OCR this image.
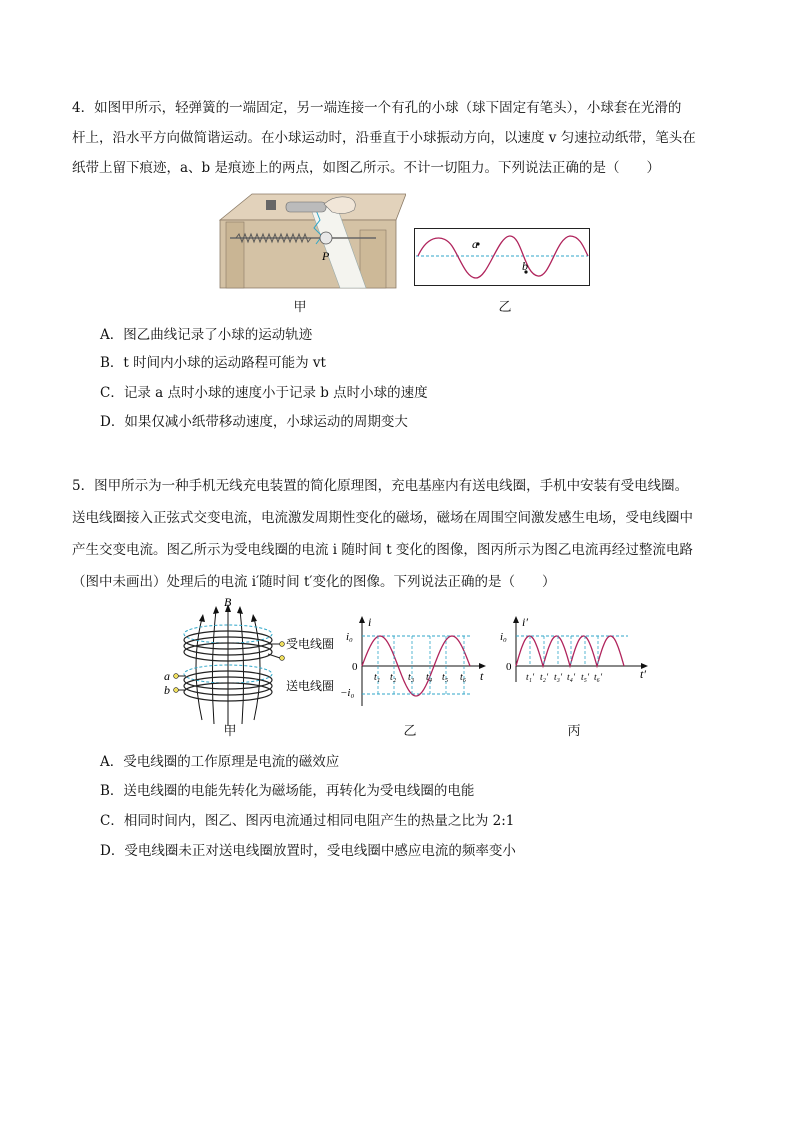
4．如图甲所示，轻弹簧的一端固定，另一端连接一个有孔的小球（球下固定有笔头），小球套在光滑的
杆上，沿水平方向做简谐运动。在小球运动时，沿垂直于小球振动方向，以速度 v 匀速拉动纸带，笔头在
纸带上留下痕迹，a、b 是痕迹上的两点，如图乙所示。不计一切阻力。下列说法正确的是（　　）
P
a
b
甲	乙
A．图乙曲线记录了小球的运动轨迹
B．t 时间内小球的运动路程可能为 vt
C．记录 a 点时小球的速度小于记录 b 点时小球的速度
D．如果仅减小纸带移动速度，小球运动的周期变大
5．图甲所示为一种手机无线充电装置的简化原理图，充电基座内有送电线圈，手机中安装有受电线圈。
送电线圈接入正弦式交变电流，电流激发周期性变化的磁场，磁场在周围空间激发感生电场，受电线圈中
产生交变电流。图乙所示为受电线圈的电流 i 随时间 t 变化的图像，图丙所示为图乙电流再经过整流电路
（图中未画出）处理后的电流 i′随时间 t′变化的图像。下列说法正确的是（　　）
B
受电线圈
送电线圈
a
b
甲
i
t
0
i₀
−i₀
t₁ t₂ t₃ t₄ t₅ t₆
乙
i′
t′
0
i₀
t₁′ t₂′ t₃′ t₄′ t₅′ t₆′
丙
A．受电线圈的工作原理是电流的磁效应
B．送电线圈的电能先转化为磁场能，再转化为受电线圈的电能
C．相同时间内，图乙、图丙电流通过相同电阻产生的热量之比为 2:1
D．受电线圈未正对送电线圈放置时，受电线圈中感应电流的频率变小
